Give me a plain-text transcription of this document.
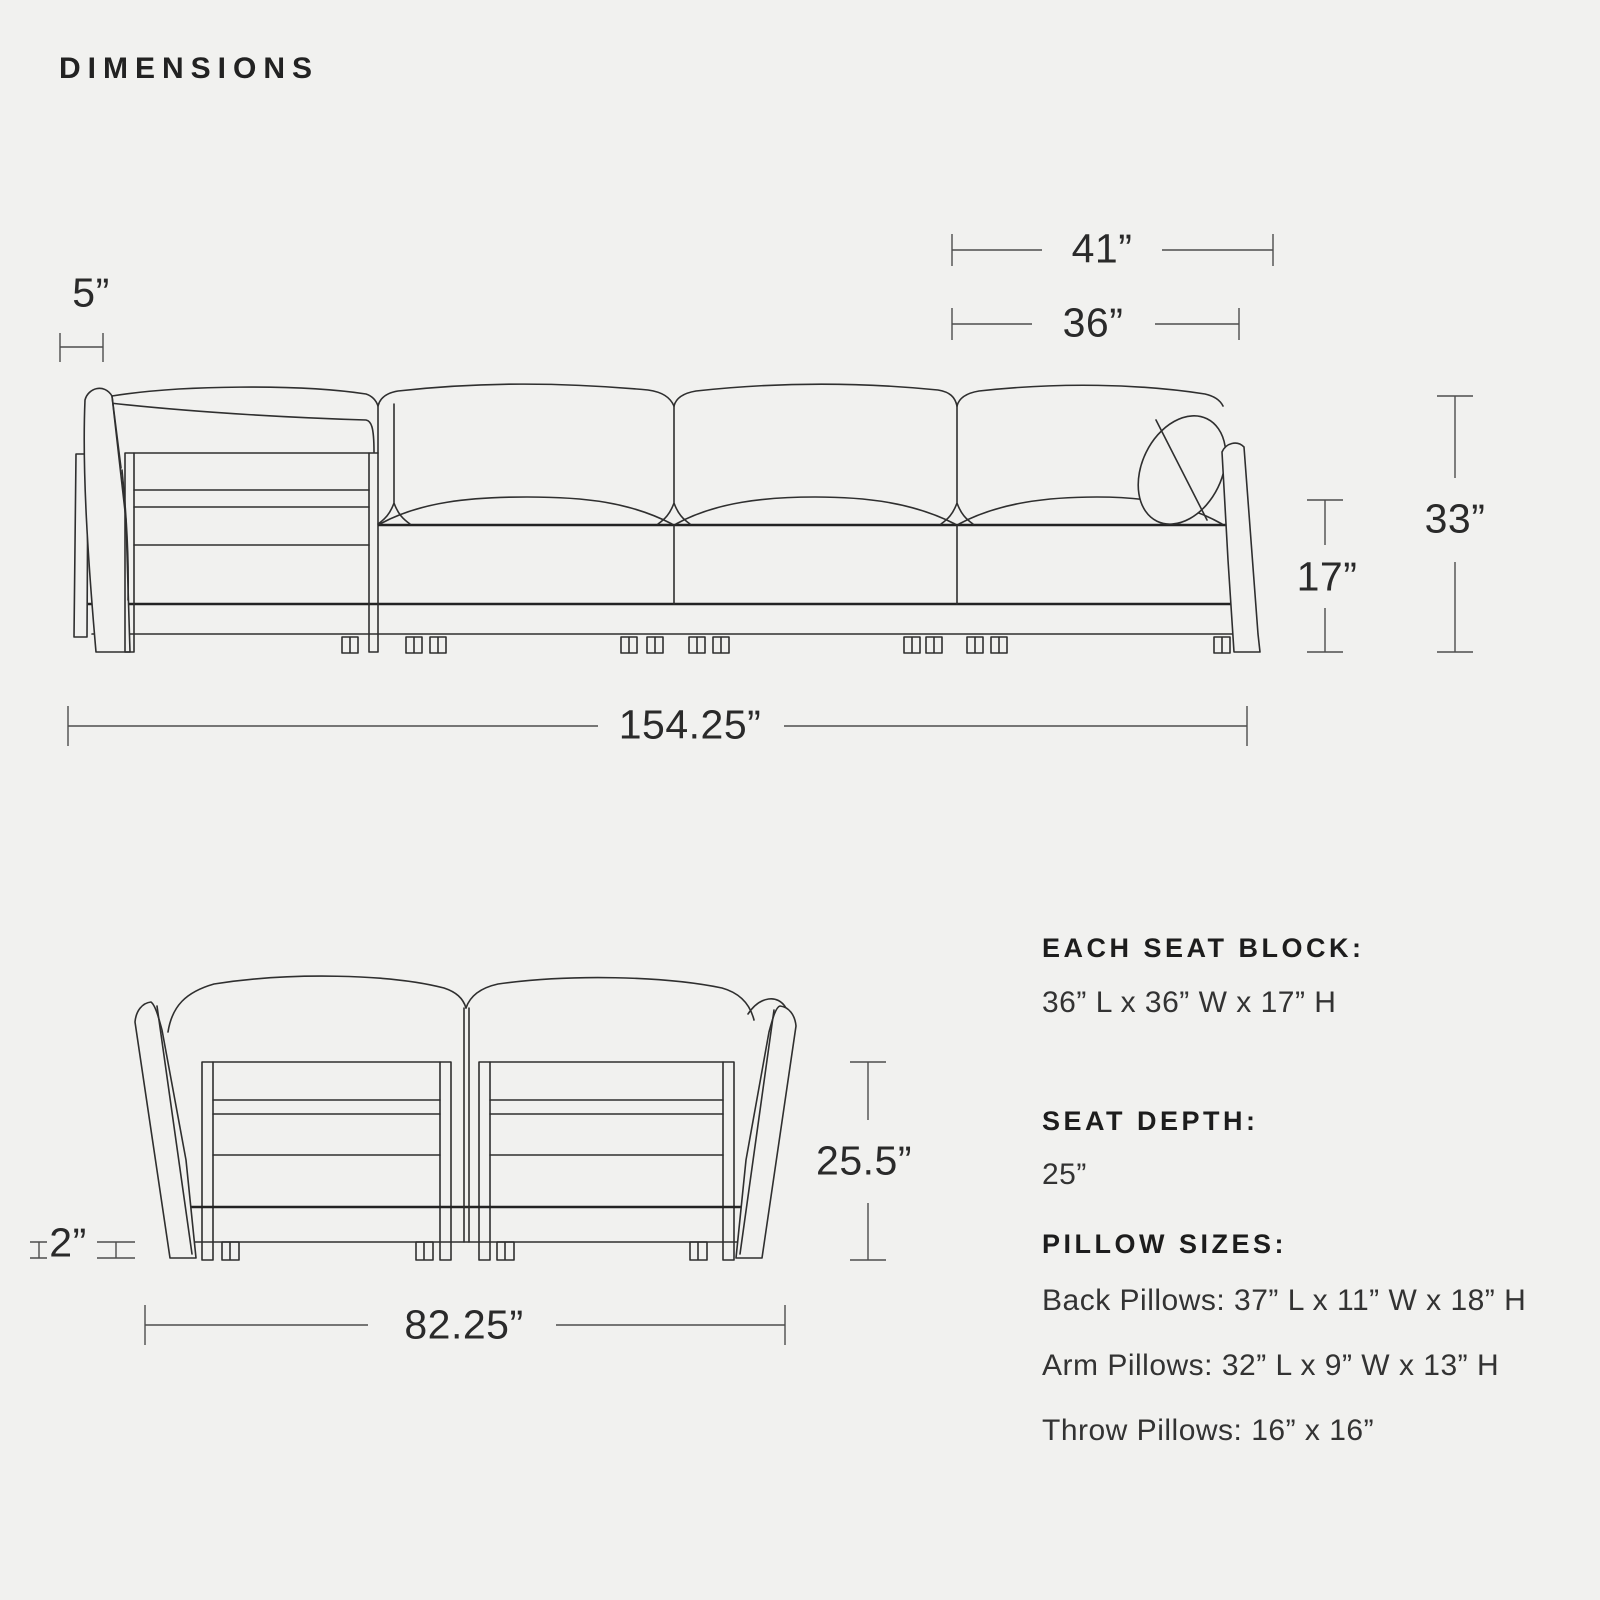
DIMENSIONS
5”
41”
36”
33”
17”
154.25”
25.5”
2”
82.25”
EACH SEAT BLOCK:
36” L x 36” W x 17” H
SEAT DEPTH:
25”
PILLOW SIZES:
Back Pillows: 37” L x 11” W x 18” H
Arm Pillows: 32” L x 9” W x 13” H
Throw Pillows: 16” x 16”
